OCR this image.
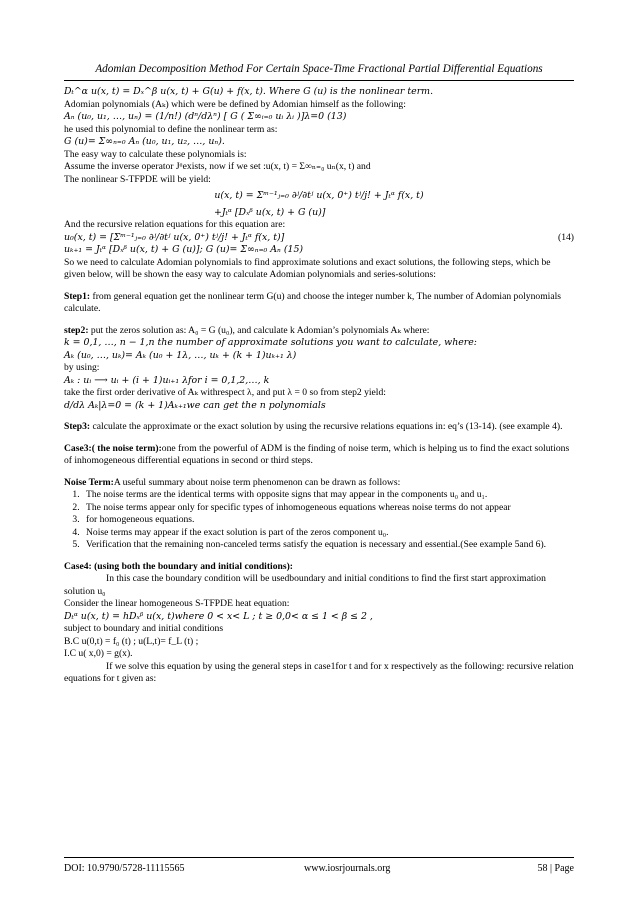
Adomian Decomposition Method For Certain Space-Time Fractional Partial Differential Equations
𝐷ₜ^α u(x, t) = 𝐷ₓ^β u(x, t) + G(u) + f(x, t). Where G (u) is the nonlinear term.
Adomian polynomials (Aₖ) which were be defined by Adomian himself as the following:
Aₙ (u₀, u₁, …, uₙ) = (1/n!) (dⁿ/dλⁿ) [ G ( Σ∞ᵢ₌₀ uᵢ λᵢ )]λ=0 (13)
he used this polynomial to define the nonlinear term as:
G (u)= Σ∞ₙ₌₀ Aₙ (u₀, u₁, u₂, …, uₙ).
The easy way to calculate these polynomials is:
Assume the inverse operator Jᵅexists, now if we set :u(x, t) = Σ∞ₙ₌₀ uₙ(x, t) and
The nonlinear S-TFPDE will be yield:
u(x, t) = Σᵐ⁻¹ⱼ₌₀ ∂ʲ/∂tʲ u(x, 0⁺) tʲ/j! + Jₜᵅ f(x, t)
+Jₜᵅ [Dₓᵝ u(x, t) + G (u)]
And the recursive relation equations for this equation are:
u₀(x, t) = [Σᵐ⁻¹ⱼ₌₀ ∂ʲ/∂tʲ u(x, 0⁺) tʲ/j! + Jₜᵅ f(x, t)]	(14)
uₖ₊₁ = Jₜᵅ [Dₓᵝ u(x, t) + G (u)]; G (u)= Σ∞ₙ₌₀ Aₙ (15)
So we need to calculate Adomian polynomials to find approximate solutions and exact solutions, the following steps, which be given below, will be shown the easy way to calculate Adomian polynomials and series-solutions:

Step1: from general equation get the nonlinear term G(u) and choose the integer number k, The number of Adomian polynomials calculate.

step2: put the zeros solution as: A₀ = G (u₀), and calculate k Adomian’s polynomials Aₖ where:

k = 0,1, …, n − 1,n the number of approximate solutions you want to calculate, where:
Aₖ (u₀, …, uₖ)= Aₖ (u₀ + 1λ, …, uₖ + (k + 1)uₖ₊₁ λ)
by using:
Aₖ : uᵢ ⟶ uᵢ + (i + 1)uᵢ₊₁ λfor i = 0,1,2,…, k
take the first order derivative of Aₖ withrespect λ, and put λ = 0 so from step2 yield:
d/dλ Aₖ|λ=0 = (k + 1)Aₖ₊₁we can get the n polynomials

Step3: calculate the approximate or the exact solution by using the recursive relations equations in: eq’s (13-14). (see example 4).

Case3:( the noise term):one from the powerful of ADM is the finding of noise term, which is helping us to find the exact solutions of inhomogeneous differential equations in second or third steps.

Noise Term:A useful summary about noise term phenomenon can be drawn as follows:

1. The noise terms are the identical terms with opposite signs that may appear in the components u₀ and u₁.
2. The noise terms appear only for specific types of inhomogeneous equations whereas noise terms do not appear
3. for homogeneous equations.
4. Noise terms may appear if the exact solution is part of the zeros component u₀.
5. Verification that the remaining non-canceled terms satisfy the equation is necessary and essential.(See example 5and 6).

Case4: (using both the boundary and initial conditions):

In this case the boundary condition will be usedboundary and initial conditions to find the first start approximation solution u₀

Consider the linear homogeneous S-TFPDE heat equation:
Dₜᵅ u(x, t) = hDₓᵝ u(x, t)where 0 < x< L ; t ≥ 0,0< α ≤ 1 < β ≤ 2 ,
subject to boundary and initial conditions
B.C u(0,t) = f₀ (t) ; u(L,t)= f_L (t) ;
I.C u( x,0) = g(x).

If we solve this equation by using the general steps in case1for t and for x respectively as the following: recursive relation equations for t given as:

DOI: 10.9790/5728-11115565	www.iosrjournals.org	58 | Page
